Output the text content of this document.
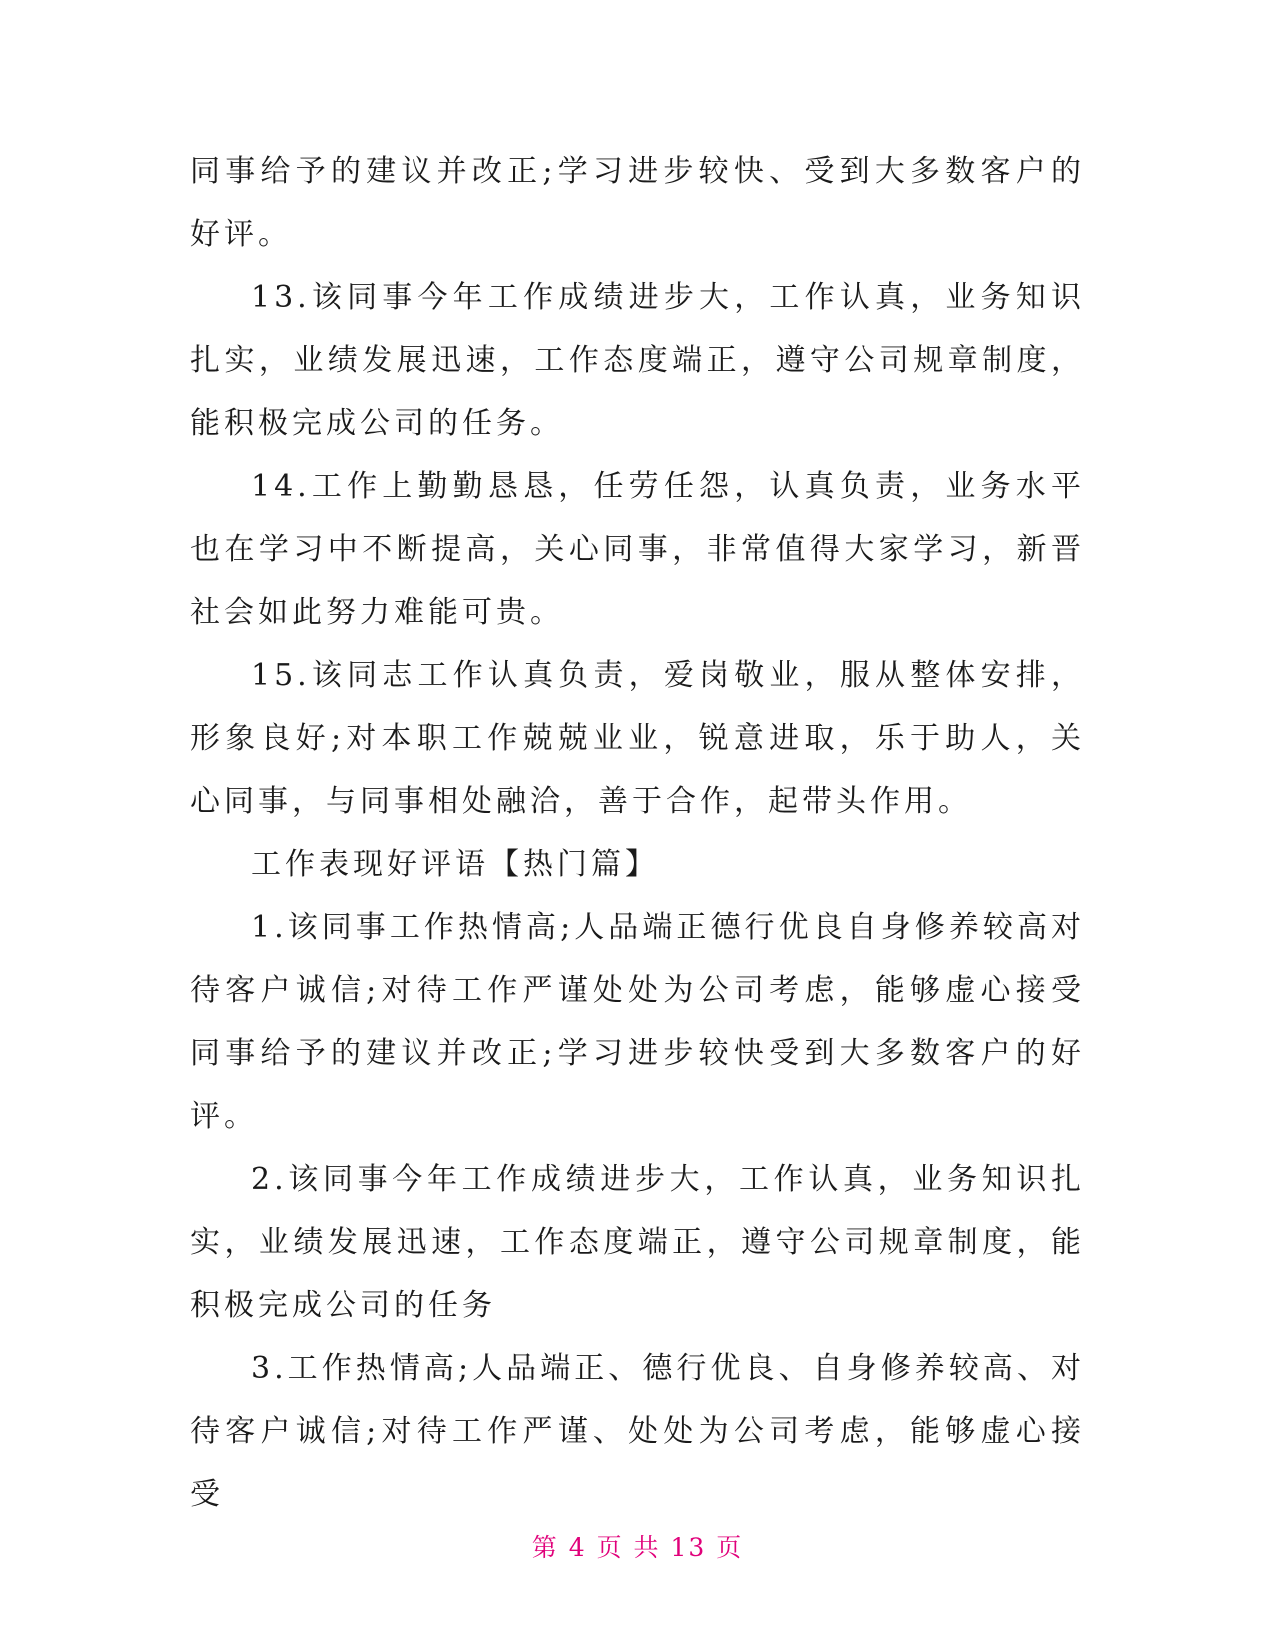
同事给予的建议并改正;学习进步较快、受到大多数客户的好评。

13.该同事今年工作成绩进步大，工作认真，业务知识扎实，业绩发展迅速，工作态度端正，遵守公司规章制度，能积极完成公司的任务。

14.工作上勤勤恳恳，任劳任怨，认真负责，业务水平也在学习中不断提高，关心同事，非常值得大家学习，新晋社会如此努力难能可贵。

15.该同志工作认真负责，爱岗敬业，服从整体安排，形象良好;对本职工作兢兢业业，锐意进取，乐于助人，关心同事，与同事相处融洽，善于合作，起带头作用。

工作表现好评语【热门篇】

1.该同事工作热情高;人品端正德行优良自身修养较高对待客户诚信;对待工作严谨处处为公司考虑，能够虚心接受同事给予的建议并改正;学习进步较快受到大多数客户的好评。

2.该同事今年工作成绩进步大，工作认真，业务知识扎实，业绩发展迅速，工作态度端正，遵守公司规章制度，能积极完成公司的任务

3.工作热情高;人品端正、德行优良、自身修养较高、对待客户诚信;对待工作严谨、处处为公司考虑，能够虚心接受

第 4 页 共 13 页
